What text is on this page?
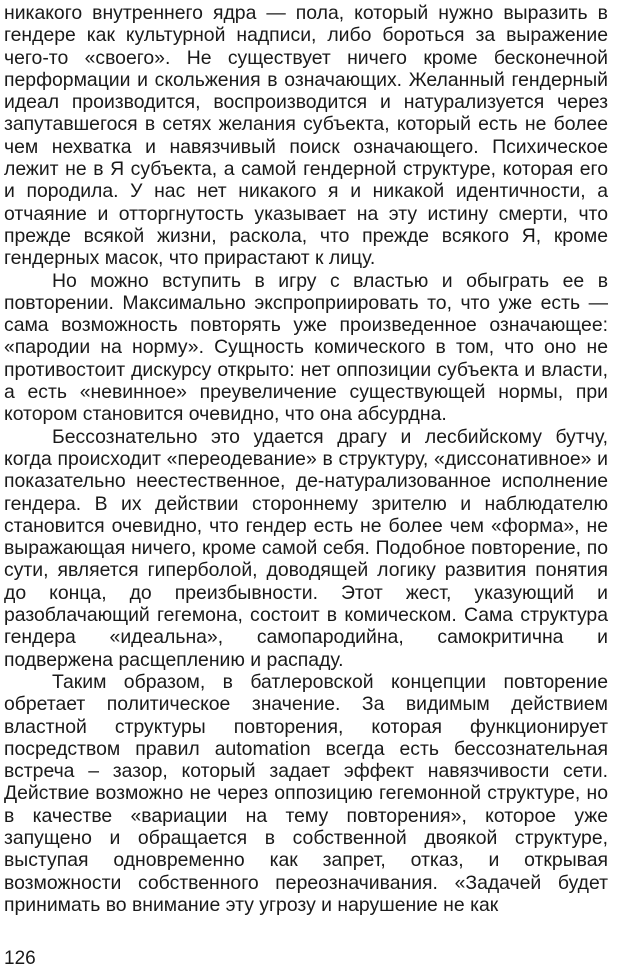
никакого внутреннего ядра — пола, который нужно выразить в гендере как культурной надписи, либо бороться за выражение чего-то «своего». Не существует ничего кроме бесконечной перформации и скольжения в означающих. Желанный гендерный идеал производится, воспроизводится и натурализуется через запутавшегося в сетях желания субъекта, который есть не более чем нехватка и навязчивый поиск означающего. Психическое лежит не в Я субъекта, а самой гендерной структуре, которая его и породила. У нас нет никакого я и никакой идентичности, а отчаяние и отторгнутость указывает на эту истину смерти, что прежде всякой жизни, раскола, что прежде всякого Я, кроме гендерных масок, что прирастают к лицу.

Но можно вступить в игру с властью и обыграть ее в повторении. Максимально экспроприировать то, что уже есть — сама возможность повторять уже произведенное означающее: «пародии на норму». Сущность комического в том, что оно не противостоит дискурсу открыто: нет оппозиции субъекта и власти, а есть «невинное» преувеличение существующей нормы, при котором становится очевидно, что она абсурдна.

Бессознательно это удается драгу и лесбийскому бутчу, когда происходит «переодевание» в структуру, «диссонативное» и показательно неестественное, де-натурализованное исполнение гендера. В их действии стороннему зрителю и наблюдателю становится очевидно, что гендер есть не более чем «форма», не выражающая ничего, кроме самой себя. Подобное повторение, по сути, является гиперболой, доводящей логику развития понятия до конца, до преизбывности. Этот жест, указующий и разоблачающий гегемона, состоит в комическом. Сама структура гендера «идеальна», самопародийна, самокритична и подвержена расщеплению и распаду.

Таким образом, в батлеровской концепции повторение обретает политическое значение. За видимым действием властной структуры повторения, которая функционирует посредством правил automation всегда есть бессознательная встреча – зазор, который задает эффект навязчивости сети. Действие возможно не через оппозицию гегемонной структуре, но в качестве «вариации на тему повторения», которое уже запущено и обращается в собственной двоякой структуре, выступая одновременно как запрет, отказ, и открывая возможности собственного переозначивания. «Задачей будет принимать во внимание эту угрозу и нарушение не как

126
